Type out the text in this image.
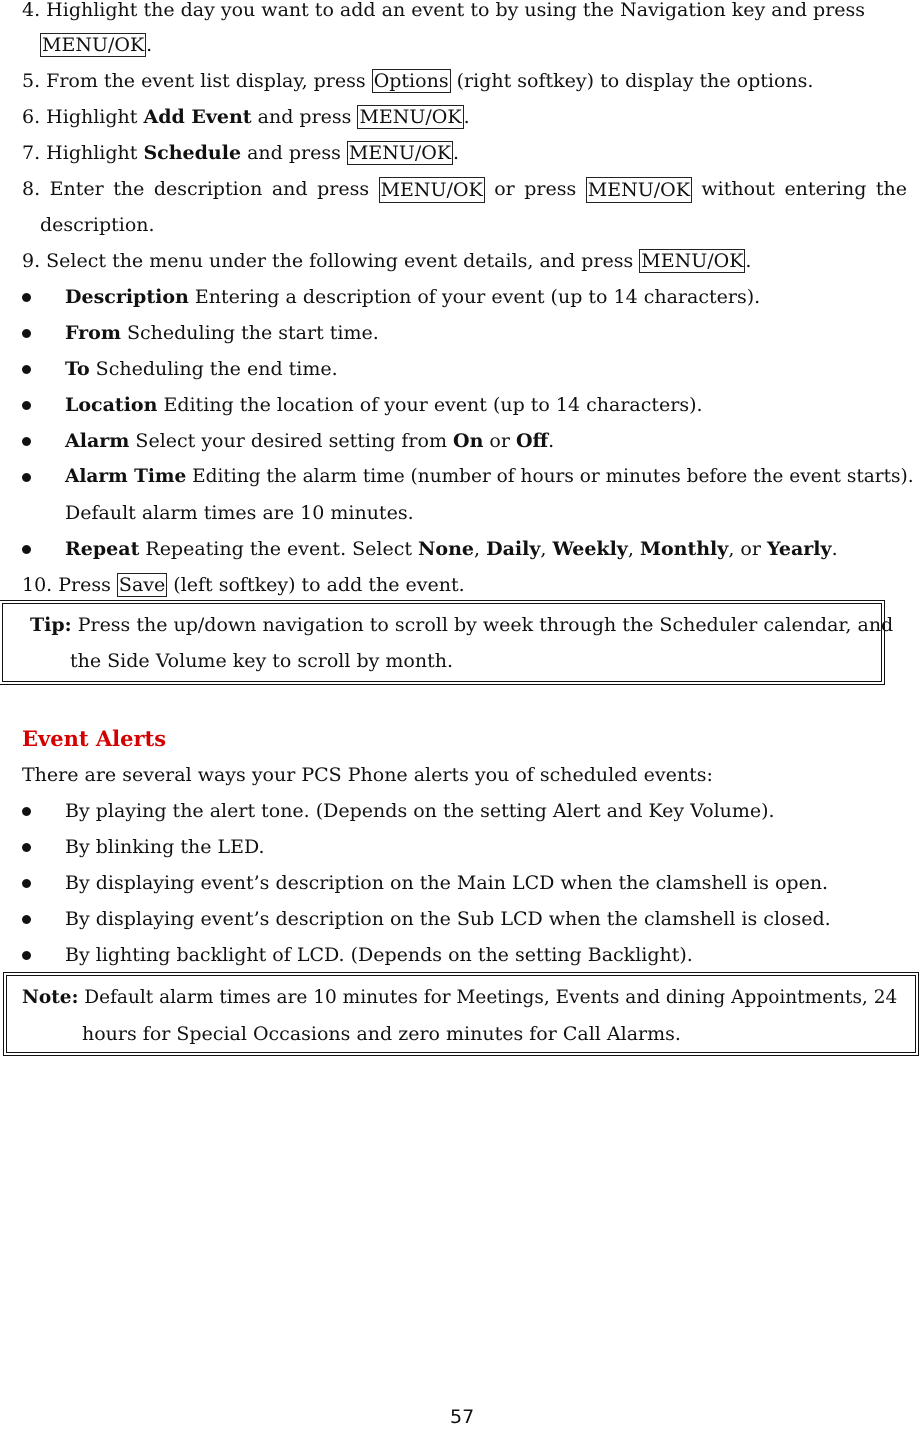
4. Highlight the day you want to add an event to by using the Navigation key and press
MENU/OK .
5. From the event list display, press Options (right softkey) to display the options.
6. Highlight Add Event and press MENU/OK .
7. Highlight Schedule and press MENU/OK .
8. Enter the description and press MENU/OK or press MENU/OK without entering the
description.
9. Select the menu under the following event details, and press MENU/OK .
Description Entering a description of your event (up to 14 characters).
From Scheduling the start time.
To Scheduling the end time.
Location Editing the location of your event (up to 14 characters).
Alarm Select your desired setting from On or Off.
Alarm Time Editing the alarm time (number of hours or minutes before the event starts).
Default alarm times are 10 minutes.
Repeat Repeating the event. Select None, Daily, Weekly, Monthly, or Yearly.
10. Press Save (left softkey) to add the event.
Tip: Press the up/down navigation to scroll by week through the Scheduler calendar, and
the Side Volume key to scroll by month.
Event Alerts
There are several ways your PCS Phone alerts you of scheduled events:
By playing the alert tone. (Depends on the setting Alert and Key Volume).
By blinking the LED.
By displaying event’s description on the Main LCD when the clamshell is open.
By displaying event’s description on the Sub LCD when the clamshell is closed.
By lighting backlight of LCD. (Depends on the setting Backlight).
Note: Default alarm times are 10 minutes for Meetings, Events and dining Appointments, 24
hours for Special Occasions and zero minutes for Call Alarms.
57
